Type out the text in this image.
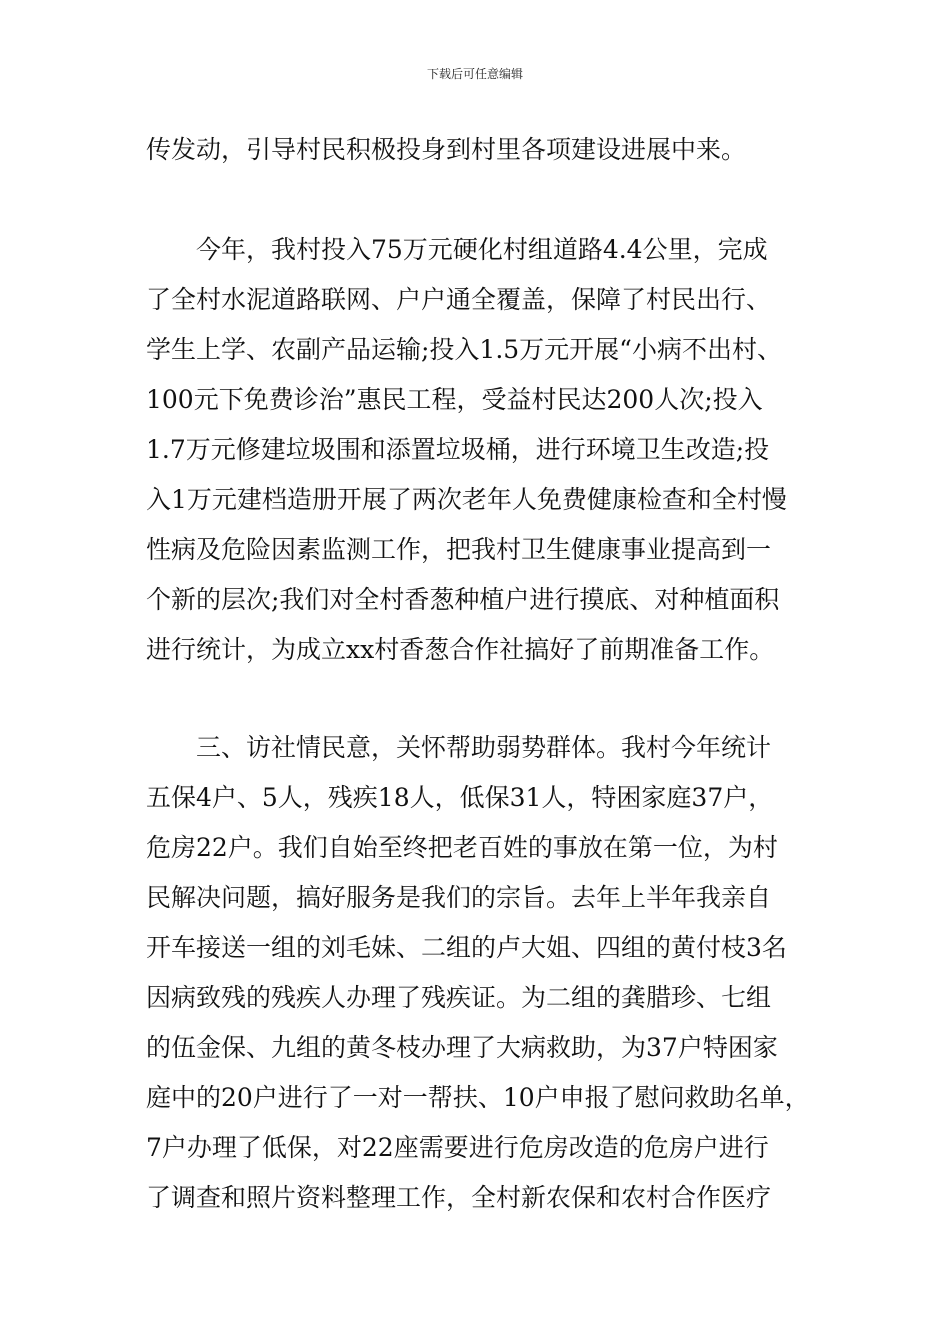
下载后可任意编辑
传发动，引导村民积极投身到村里各项建设进展中来。
　　今年，我村投入75万元硬化村组道路4.4公里，完成
了全村水泥道路联网、户户通全覆盖，保障了村民出行、
学生上学、农副产品运输;投入1.5万元开展“小病不出村、
100元下免费诊治”惠民工程，受益村民达200人次;投入
1.7万元修建垃圾围和添置垃圾桶，进行环境卫生改造;投
入1万元建档造册开展了两次老年人免费健康检查和全村慢
性病及危险因素监测工作，把我村卫生健康事业提高到一
个新的层次;我们对全村香葱种植户进行摸底、对种植面积
进行统计，为成立xx村香葱合作社搞好了前期准备工作。
　　三、访社情民意，关怀帮助弱势群体。我村今年统计
五保4户、5人，残疾18人，低保31人，特困家庭37户，
危房22户。我们自始至终把老百姓的事放在第一位，为村
民解决问题，搞好服务是我们的宗旨。去年上半年我亲自
开车接送一组的刘毛妹、二组的卢大姐、四组的黄付枝3名
因病致残的残疾人办理了残疾证。为二组的龚腊珍、七组
的伍金保、九组的黄冬枝办理了大病救助，为37户特困家
庭中的20户进行了一对一帮扶、10户申报了慰问救助名单，
7户办理了低保，对22座需要进行危房改造的危房户进行
了调查和照片资料整理工作，全村新农保和农村合作医疗
